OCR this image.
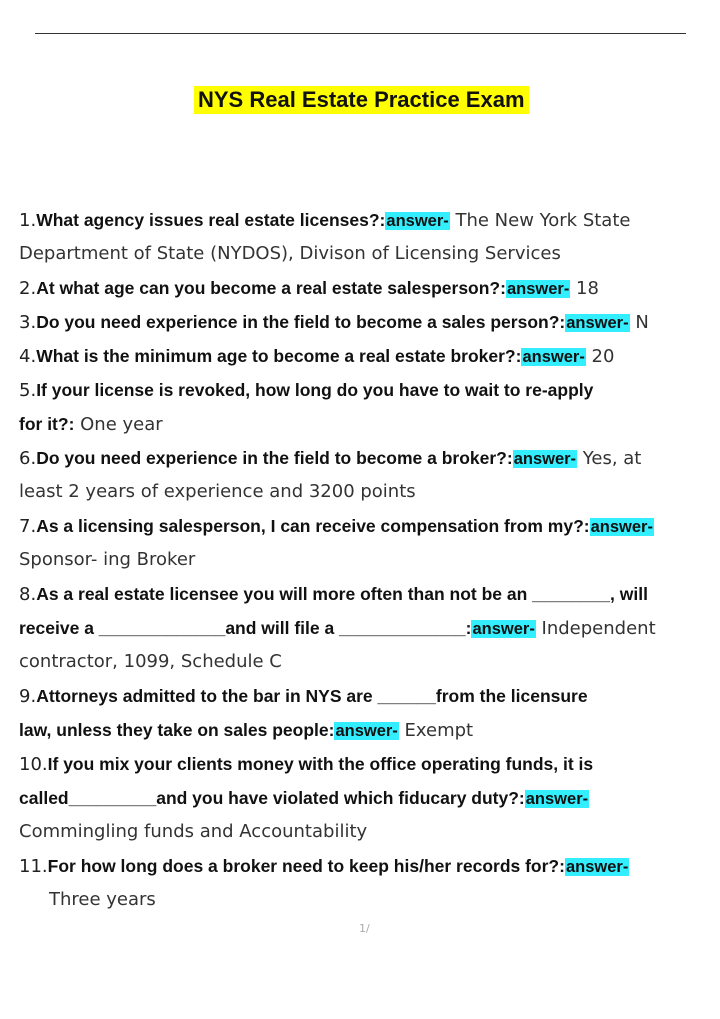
NYS Real Estate Practice Exam
1.What agency issues real estate licenses?:answer- The New York State
Department of State (NYDOS), Divison of Licensing Services
2.At what age can you become a real estate salesperson?:answer- 18
3.Do you need experience in the field to become a sales person?:answer- N
4.What is the minimum age to become a real estate broker?:answer- 20
5.If your license is revoked, how long do you have to wait to re-apply
for it?: One year
6.Do you need experience in the field to become a broker?:answer- Yes, at
least 2 years of experience and 3200 points
7.As a licensing salesperson, I can receive compensation from my?:answer-
Sponsor- ing Broker
8.As a real estate licensee you will more often than not be an ________, will
receive a _____________and will file a _____________:answer- Independent
contractor, 1099, Schedule C
9.Attorneys admitted to the bar in NYS are ______from the licensure
law, unless they take on sales people:answer- Exempt
10.If you mix your clients money with the office operating funds, it is
called_________and you have violated which fiducary duty?:answer-
Commingling funds and Accountability
11.For how long does a broker need to keep his/her records for?:answer-
Three years
1/
